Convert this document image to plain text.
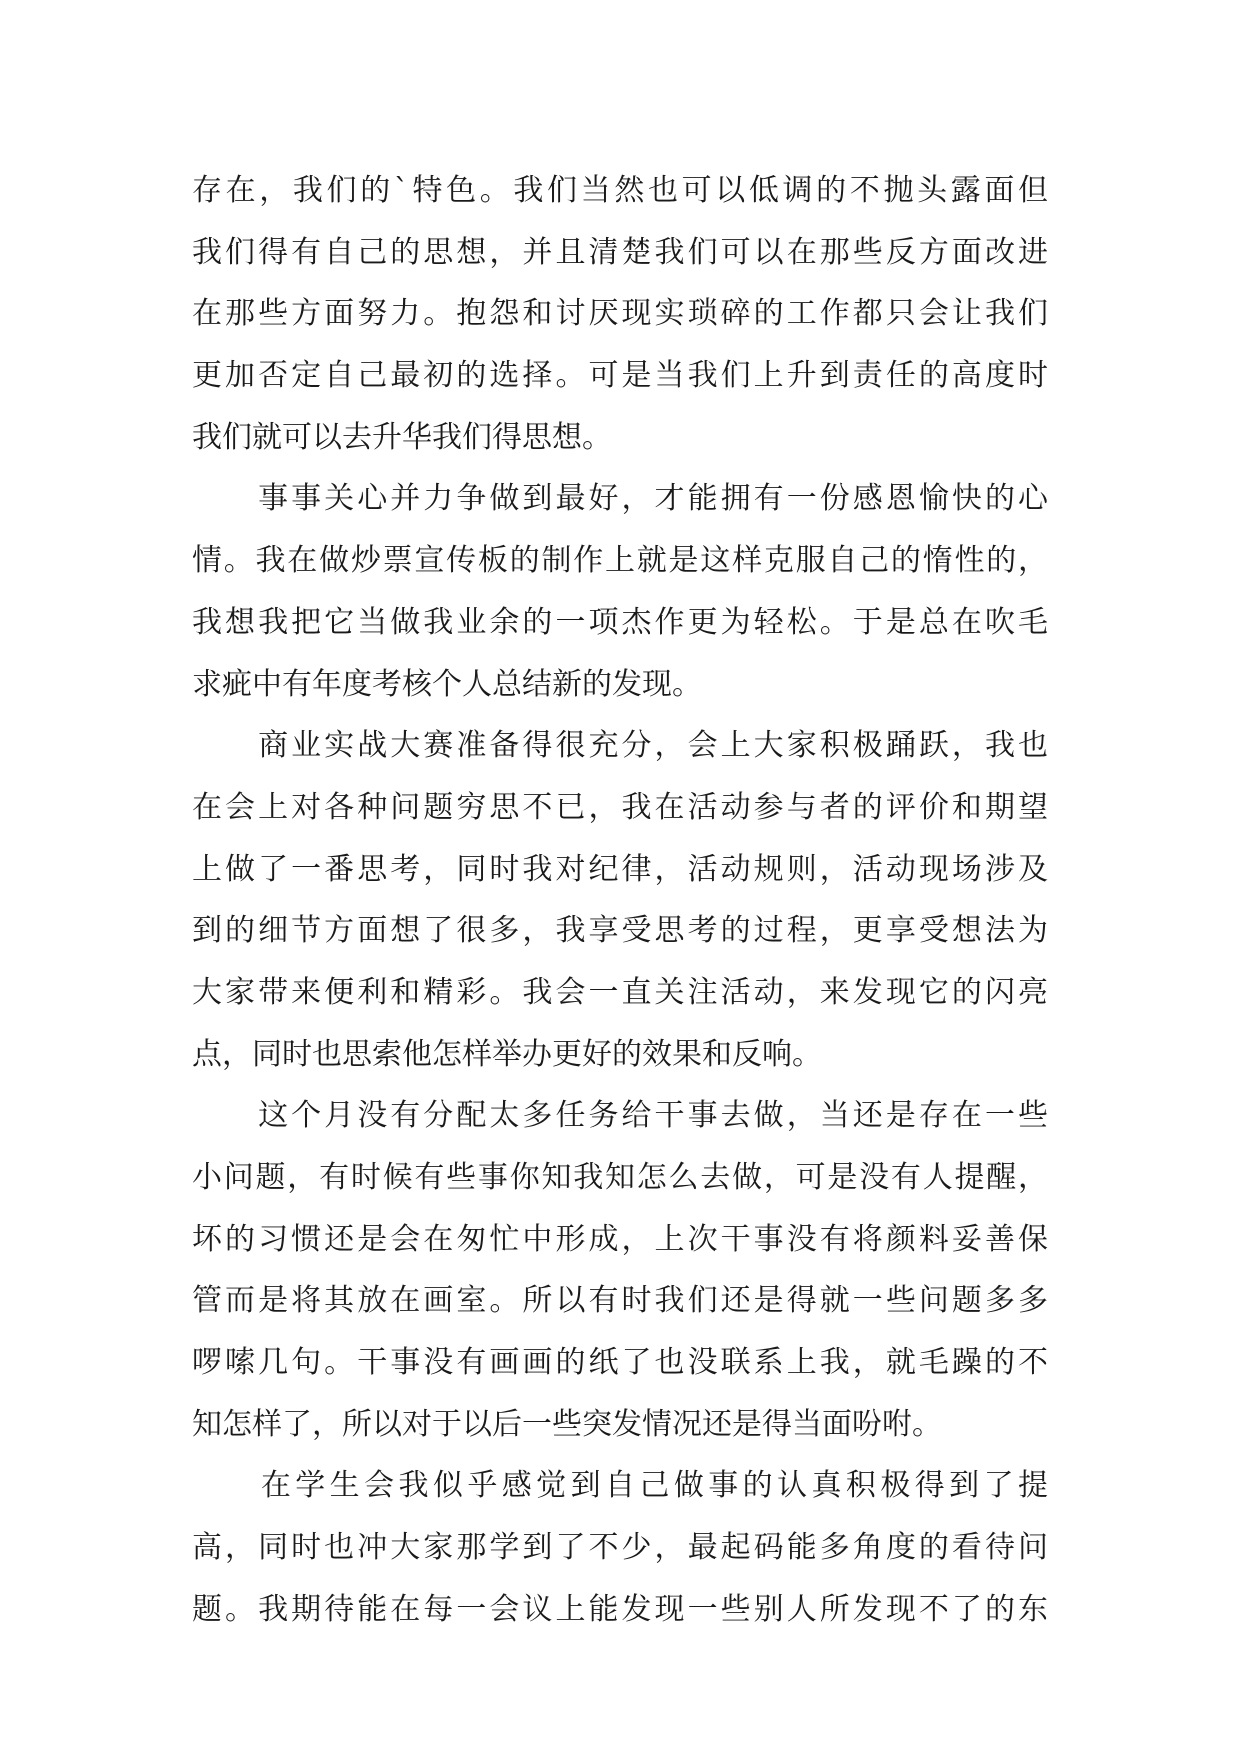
存在，我们的`特色。我们当然也可以低调的不抛头露面但
我们得有自己的思想，并且清楚我们可以在那些反方面改进
在那些方面努力。抱怨和讨厌现实琐碎的工作都只会让我们
更加否定自己最初的选择。可是当我们上升到责任的高度时
我们就可以去升华我们得思想。
　　事事关心并力争做到最好，才能拥有一份感恩愉快的心
情。我在做炒票宣传板的制作上就是这样克服自己的惰性的，
我想我把它当做我业余的一项杰作更为轻松。于是总在吹毛
求疵中有年度考核个人总结新的发现。
　　商业实战大赛准备得很充分，会上大家积极踊跃，我也
在会上对各种问题穷思不已，我在活动参与者的评价和期望
上做了一番思考，同时我对纪律，活动规则，活动现场涉及
到的细节方面想了很多，我享受思考的过程，更享受想法为
大家带来便利和精彩。我会一直关注活动，来发现它的闪亮
点，同时也思索他怎样举办更好的效果和反响。
　　这个月没有分配太多任务给干事去做，当还是存在一些
小问题，有时候有些事你知我知怎么去做，可是没有人提醒，
坏的习惯还是会在匆忙中形成，上次干事没有将颜料妥善保
管而是将其放在画室。所以有时我们还是得就一些问题多多
啰嗦几句。干事没有画画的纸了也没联系上我，就毛躁的不
知怎样了，所以对于以后一些突发情况还是得当面吩咐。
　　在学生会我似乎感觉到自己做事的认真积极得到了提
高，同时也冲大家那学到了不少，最起码能多角度的看待问
题。我期待能在每一会议上能发现一些别人所发现不了的东
